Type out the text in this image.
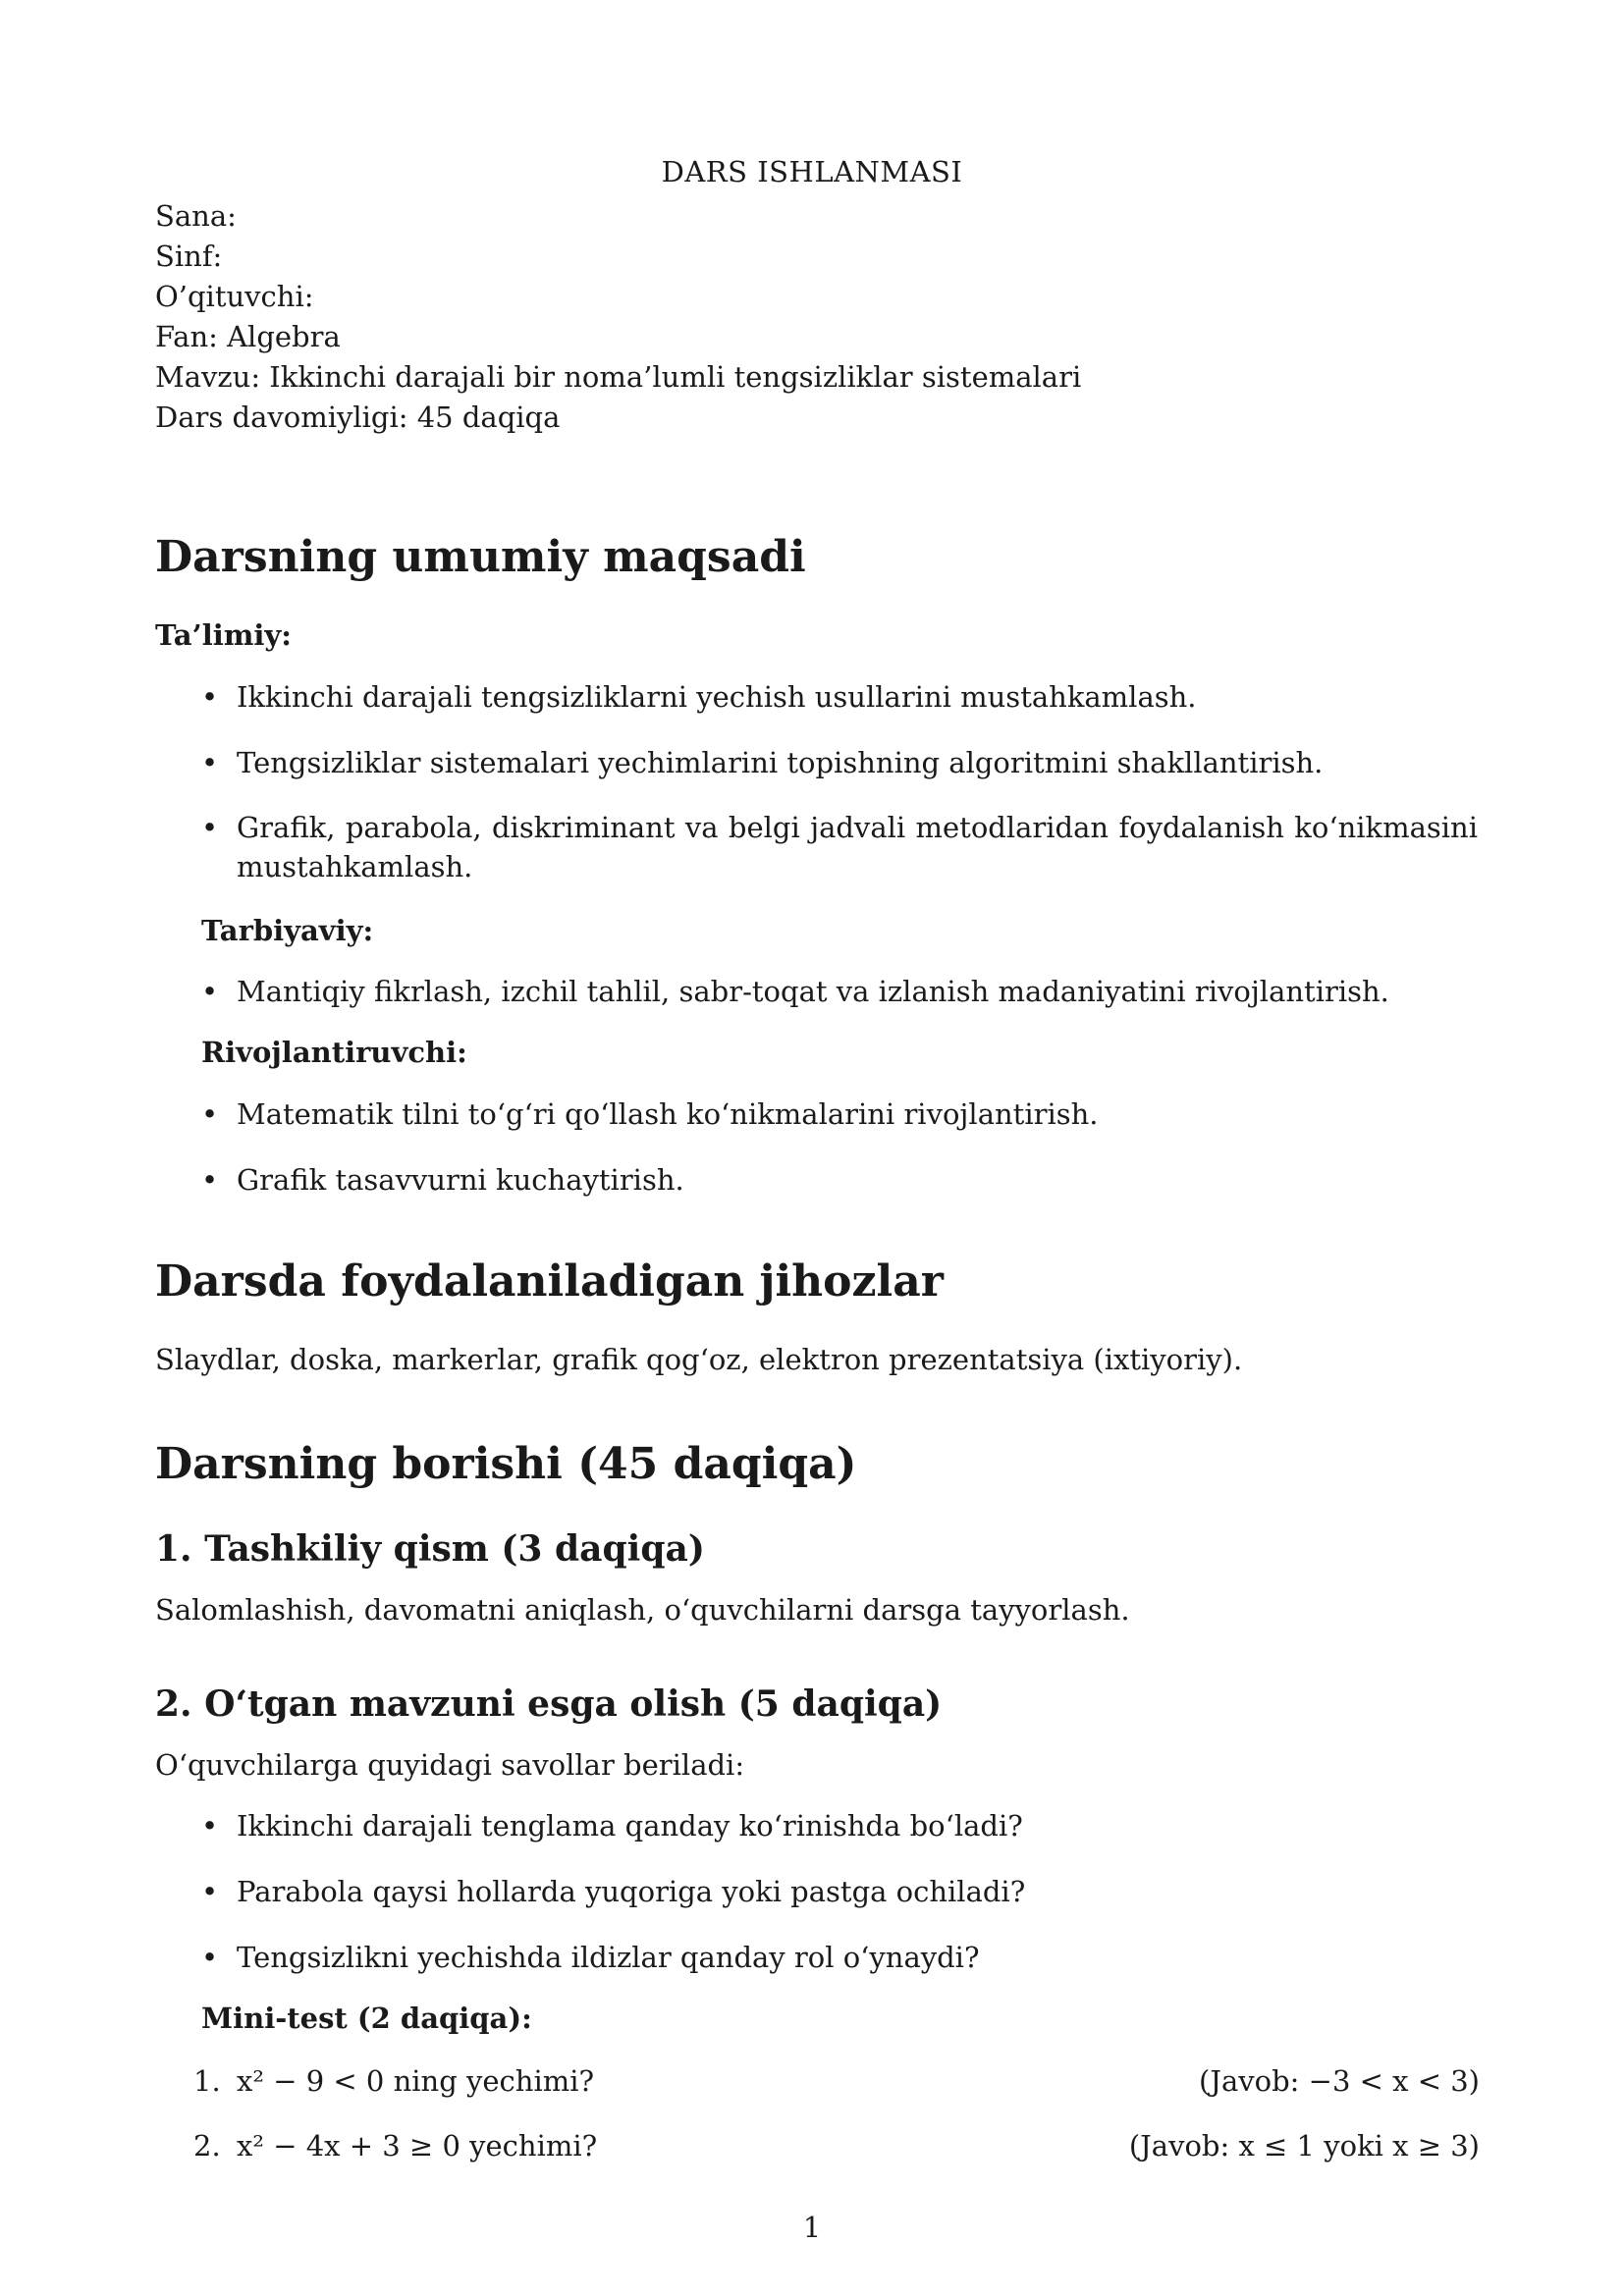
DARS ISHLANMASI
Sana:
Sinf:
O’qituvchi:
Fan: Algebra
Mavzu: Ikkinchi darajali bir noma’lumli tengsizliklar sistemalari
Dars davomiyligi: 45 daqiqa
Darsning umumiy maqsadi
Ta’limiy:
• Ikkinchi darajali tengsizliklarni yechish usullarini mustahkamlash.
• Tengsizliklar sistemalari yechimlarini topishning algoritmini shakllantirish.
• Grafik, parabola, diskriminant va belgi jadvali metodlaridan foydalanish ko‘nikmasini
mustahkamlash.
Tarbiyaviy:
• Mantiqiy fikrlash, izchil tahlil, sabr-toqat va izlanish madaniyatini rivojlantirish.
Rivojlantiruvchi:
• Matematik tilni to‘g‘ri qo‘llash ko‘nikmalarini rivojlantirish.
• Grafik tasavvurni kuchaytirish.
Darsda foydalaniladigan jihozlar
Slaydlar, doska, markerlar, grafik qog‘oz, elektron prezentatsiya (ixtiyoriy).
Darsning borishi (45 daqiqa)
1. Tashkiliy qism (3 daqiqa)
Salomlashish, davomatni aniqlash, o‘quvchilarni darsga tayyorlash.
2. O‘tgan mavzuni esga olish (5 daqiqa)
O‘quvchilarga quyidagi savollar beriladi:
• Ikkinchi darajali tenglama qanday ko‘rinishda bo‘ladi?
• Parabola qaysi hollarda yuqoriga yoki pastga ochiladi?
• Tengsizlikni yechishda ildizlar qanday rol o‘ynaydi?
Mini-test (2 daqiqa):
1. x² − 9 < 0 ning yechimi?	(Javob: −3 < x < 3)
2. x² − 4x + 3 ≥ 0 yechimi?	(Javob: x ≤ 1 yoki x ≥ 3)
1
